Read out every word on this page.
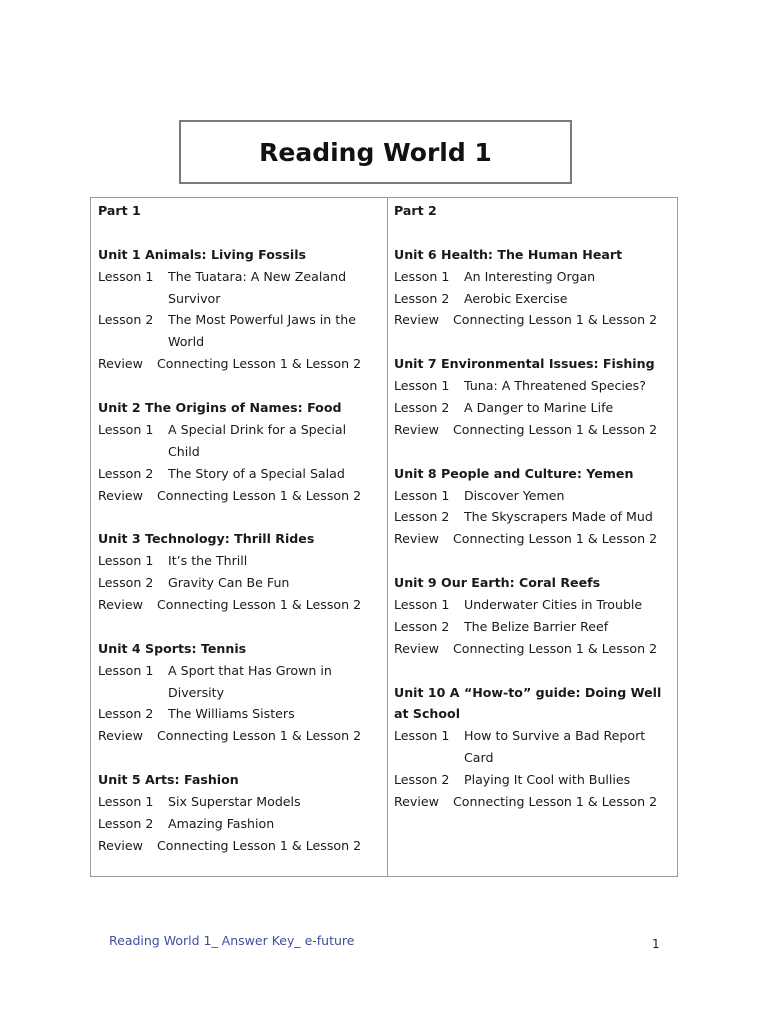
Reading World 1
Part 1
Unit 1 Animals: Living Fossils
Lesson 1	The Tuatara: A New Zealand
Survivor
Lesson 2	The Most Powerful Jaws in the
World
Review	Connecting Lesson 1 & Lesson 2
Unit 2 The Origins of Names: Food
Lesson 1	A Special Drink for a Special
Child
Lesson 2	The Story of a Special Salad
Review	Connecting Lesson 1 & Lesson 2
Unit 3 Technology: Thrill Rides
Lesson 1	It’s the Thrill
Lesson 2	Gravity Can Be Fun
Review	Connecting Lesson 1 & Lesson 2
Unit 4 Sports: Tennis
Lesson 1	A Sport that Has Grown in
Diversity
Lesson 2	The Williams Sisters
Review	Connecting Lesson 1 & Lesson 2
Unit 5 Arts: Fashion
Lesson 1	Six Superstar Models
Lesson 2	Amazing Fashion
Review	Connecting Lesson 1 & Lesson 2
Part 2
Unit 6 Health: The Human Heart
Lesson 1	An Interesting Organ
Lesson 2	Aerobic Exercise
Review	Connecting Lesson 1 & Lesson 2
Unit 7 Environmental Issues: Fishing
Lesson 1	Tuna: A Threatened Species?
Lesson 2	A Danger to Marine Life
Review	Connecting Lesson 1 & Lesson 2
Unit 8 People and Culture: Yemen
Lesson 1	Discover Yemen
Lesson 2	The Skyscrapers Made of Mud
Review	Connecting Lesson 1 & Lesson 2
Unit 9 Our Earth: Coral Reefs
Lesson 1	Underwater Cities in Trouble
Lesson 2	The Belize Barrier Reef
Review	Connecting Lesson 1 & Lesson 2
Unit 10 A “How-to” guide: Doing Well
at School
Lesson 1	How to Survive a Bad Report
Card
Lesson 2	Playing It Cool with Bullies
Review	Connecting Lesson 1 & Lesson 2
Reading World 1_ Answer Key_ e-future	1
